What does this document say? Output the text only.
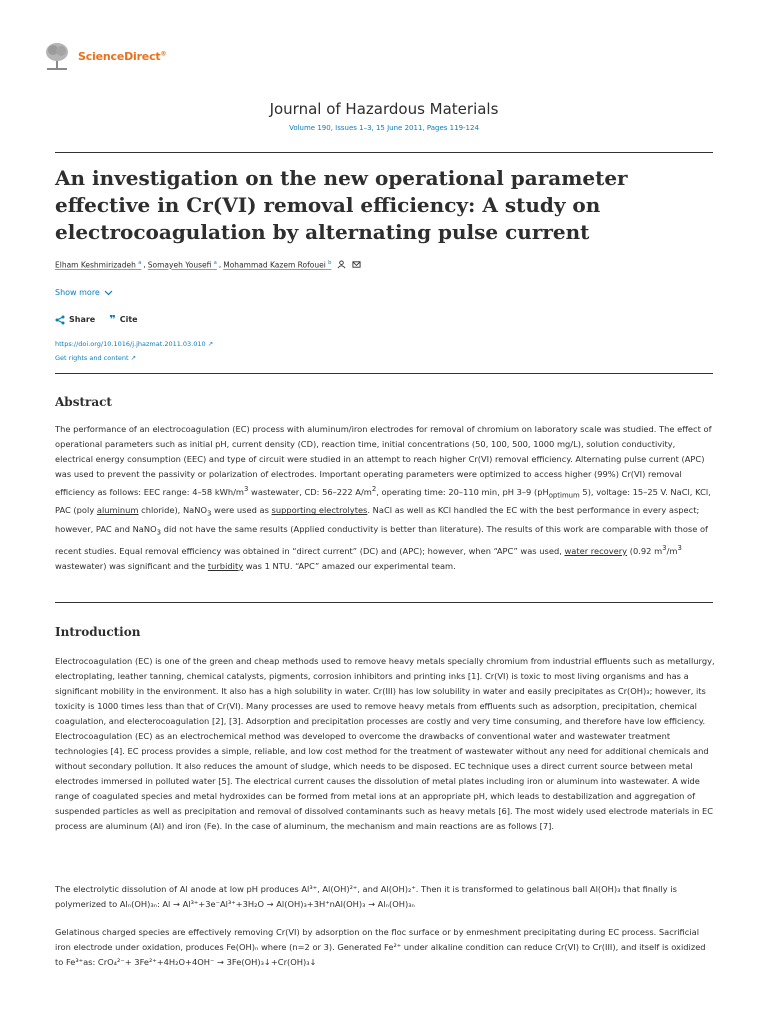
ScienceDirect®
Journal of Hazardous Materials
Volume 190, Issues 1–3, 15 June 2011, Pages 119-124
An investigation on the new operational parameter effective in Cr(VI) removal efficiency: A study on electrocoagulation by alternating pulse current
Elham Keshmirizadeh $^a$ , Somayeh Yousefi $^a$ , Mohammad Kazem Rofouei $^b$
Show more
Share ❞ Cite
https://doi.org/10.1016/j.jhazmat.2011.03.010 ↗
Get rights and content ↗
Abstract

The performance of an electrocoagulation (EC) process with aluminum/iron electrodes for removal of chromium on laboratory scale was studied. The effect of operational parameters such as initial pH, current density (CD), reaction time, initial concentrations (50, 100, 500, 1000 mg/L), solution conductivity, electrical energy consumption (EEC) and type of circuit were studied in an attempt to reach higher Cr(VI) removal efficiency. Alternating pulse current (APC) was used to prevent the passivity or polarization of electrodes. Important operating parameters were optimized to access higher (99%) Cr(VI) removal efficiency as follows: EEC range: 4–58 kWh/$m^3$ wastewater, CD: 56–222 $A/m^2$, operating time: 20–110 min, pH 3–9 ($pH_{optimum}$ 5), voltage: 15–25 V. NaCl, KCl, PAC (poly aluminum chloride), NaNO$_3$ were used as supporting electrolytes. NaCl as well as KCl handled the EC with the best performance in every aspect; however, PAC and NaNO$_3$ did not have the same results (Applied conductivity is better than literature). The results of this work are comparable with those of recent studies. Equal removal efficiency was obtained in “direct current” (DC) and (APC); however, when “APC” was used, water recovery (0.92 $m^3/m^3$ wastewater) was significant and the turbidity was 1 NTU. “APC” amazed our experimental team.

Introduction

Electrocoagulation (EC) is one of the green and cheap methods used to remove heavy metals specially chromium from industrial effluents such as metallurgy, electroplating, leather tanning, chemical catalysts, pigments, corrosion inhibitors and printing inks [1]. Cr(VI) is toxic to most living organisms and has a significant mobility in the environment. It also has a high solubility in water. Cr(III) has low solubility in water and easily precipitates as Cr(OH)₃; however, its toxicity is 1000 times less than that of Cr(VI). Many processes are used to remove heavy metals from effluents such as adsorption, precipitation, chemical coagulation, and electerocoagulation [2], [3]. Adsorption and precipitation processes are costly and very time consuming, and therefore have low efficiency. Electrocoagulation (EC) as an electrochemical method was developed to overcome the drawbacks of conventional water and wastewater treatment technologies [4]. EC process provides a simple, reliable, and low cost method for the treatment of wastewater without any need for additional chemicals and without secondary pollution. It also reduces the amount of sludge, which needs to be disposed. EC technique uses a direct current source between metal electrodes immersed in polluted water [5]. The electrical current causes the dissolution of metal plates including iron or aluminum into wastewater. A wide range of coagulated species and metal hydroxides can be formed from metal ions at an appropriate pH, which leads to destabilization and aggregation of suspended particles as well as precipitation and removal of dissolved contaminants such as heavy metals [6]. The most widely used electrode materials in EC process are aluminum (Al) and iron (Fe). In the case of aluminum, the mechanism and main reactions are as follows [7].

The electrolytic dissolution of Al anode at low pH produces Al³⁺, Al(OH)²⁺, and Al(OH)₂⁺. Then it is transformed to gelatinous ball Al(OH)₃ that finally is polymerized to Alₙ(OH)₃ₙ: Al → Al³⁺+3e⁻Al³⁺+3H₂O → Al(OH)₃+3H⁺nAl(OH)₃ → Alₙ(OH)₃ₙ

Gelatinous charged species are effectively removing Cr(VI) by adsorption on the floc surface or by enmeshment precipitating during EC process. Sacrificial iron electrode under oxidation, produces Fe(OH)ₙ where (n=2 or 3). Generated Fe²⁺ under alkaline condition can reduce Cr(VI) to Cr(III), and itself is oxidized to Fe³⁺as: CrO₄²⁻+ 3Fe²⁺+4H₂O+4OH⁻ → 3Fe(OH)₃↓+Cr(OH)₃↓
